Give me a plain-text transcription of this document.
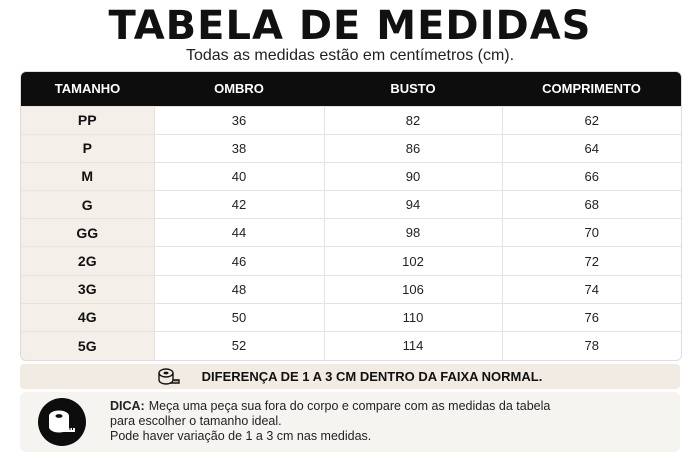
TABELA DE MEDIDAS
Todas as medidas estão em centímetros (cm).
TAMANHO	OMBRO	BUSTO	COMPRIMENTO
PP	36	82	62
P	38	86	64
M	40	90	66
G	42	94	68
GG	44	98	70
2G	46	102	72
3G	48	106	74
4G	50	110	76
5G	52	114	78
DIFERENÇA DE 1 A 3 CM DENTRO DA FAIXA NORMAL.
DICA: Meça uma peça sua fora do corpo e compare com as medidas da tabela
para escolher o tamanho ideal.
Pode haver variação de 1 a 3 cm nas medidas.
